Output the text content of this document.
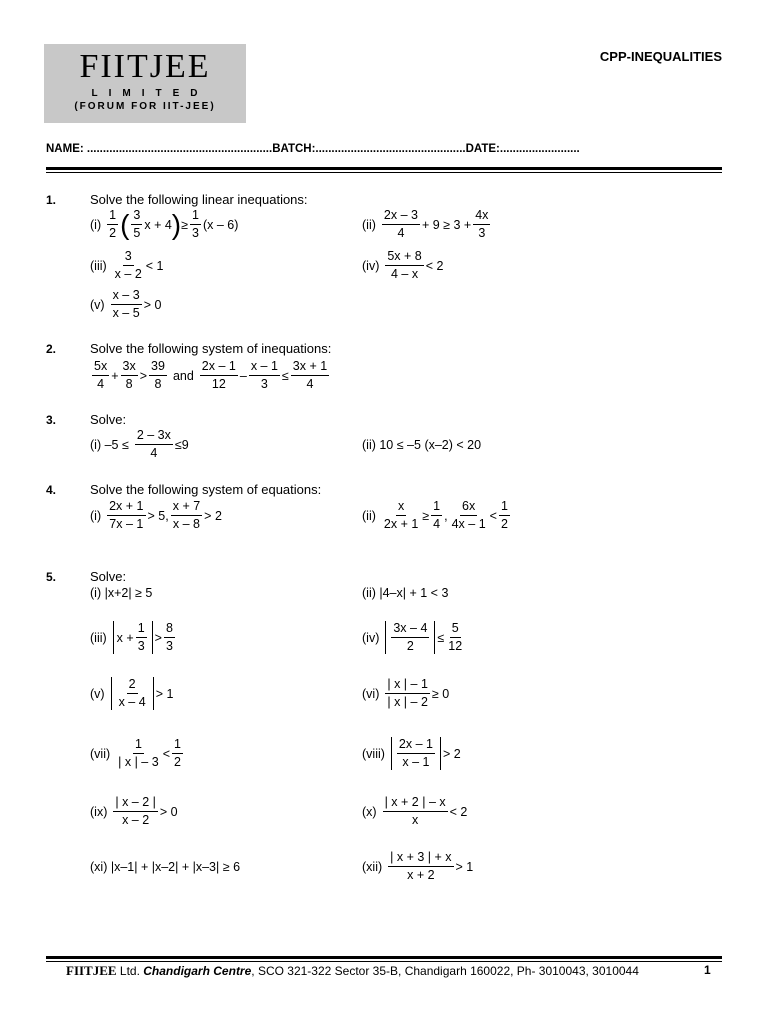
FIITJEE
LIMITED
(FORUM FOR IIT-JEE)
CPP-INEQUALITIES
NAME: ..........................................................BATCH:...............................................DATE:.........................
1.	Solve the following linear inequations:
$(i) \frac{1}{2}$ ( $\frac{3}{5}$ x + 4 ) ≥ $\frac{1}{3} (x - 6)$	$(ii) \frac{2x - 3}{4} + 9 \ge 3 + \frac{4x}{3}$
$(iii) \frac{3}{x - 2} < 1$	$(iv) \frac{5x + 8}{4 - x} < 2$
$(v) \frac{x - 3}{x - 5} > 0$
2.	Solve the following system of inequations:
$\frac{5x}{4} + \frac{3x}{8} > \frac{39}{8}$ and $\frac{2x - 1}{12} - \frac{x - 1}{3} \le \frac{3x + 1}{4}$
3.	Solve:
(i) $-5 \le \frac{2 - 3x}{4} \le 9$	(ii) 10 ≤ –5 (x–2) < 20
4.	Solve the following system of equations:
$(i) \frac{2x + 1}{7x - 1} > 5$, $\frac{x + 7}{x - 8} > 2$	$(ii) \frac{x}{2x + 1} \ge \frac{1}{4}$ , $\frac{6x}{4x - 1} < \frac{1}{2}$
5.	Solve:
(i) |x+2| ≥ 5	(ii) |4–x| + 1 < 3
(iii) $x + \frac{1}{3} > \frac{8}{3}$	$(iv) \frac{3x - 4}{2} \le \frac{5}{12}$
$(v) \frac{2}{x - 4} > 1$	$(vi) \frac{| x | - 1}{| x | - 2} \ge 0$
$(vii) \frac{1}{| x | - 3} < \frac{1}{2}$	(viii) $\frac{2x - 1}{x - 1} > 2$
$(ix) \frac{| x - 2 |}{x - 2} > 0$	$(x) \frac{| x + 2 | - x}{x} < 2$
(xi) |x–1| + |x–2| + |x–3| ≥ 6	$(xii) \frac{| x + 3 | + x}{x + 2} > 1$
FIITJEE Ltd. Chandigarh Centre, SCO 321-322 Sector 35-B, Chandigarh 160022, Ph- 3010043, 3010044	1
